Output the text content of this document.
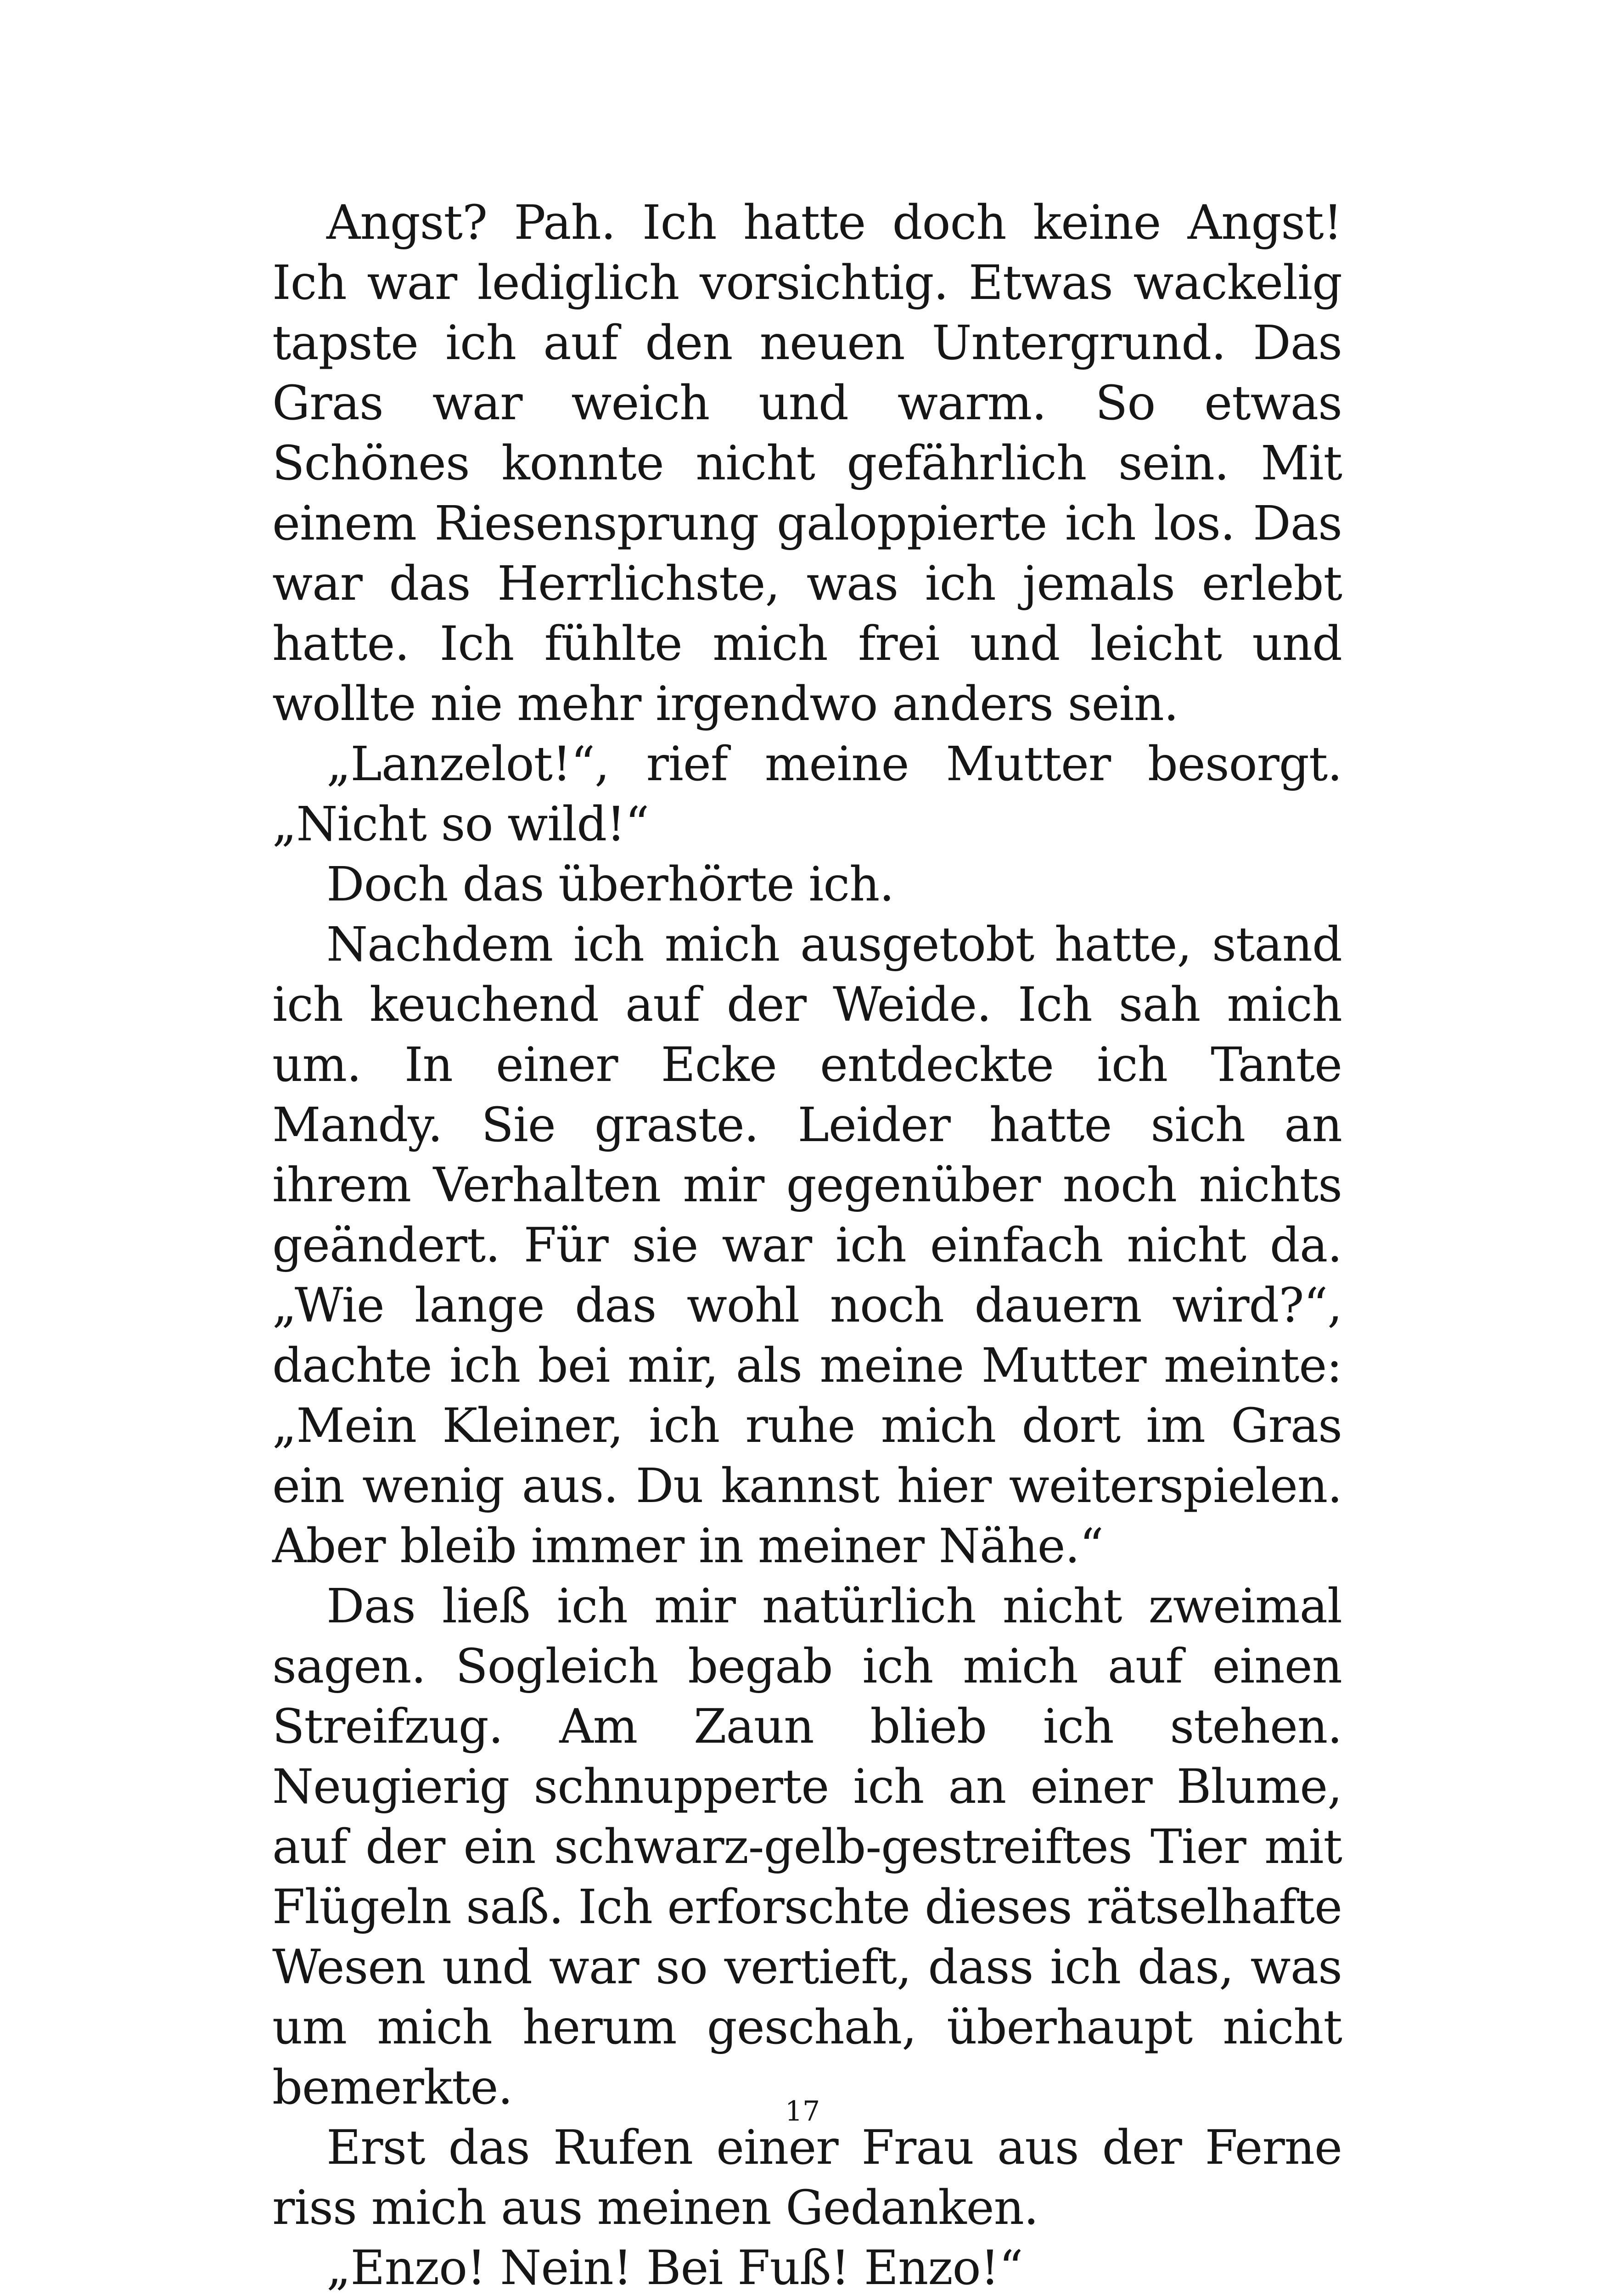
Angst? Pah. Ich hatte doch keine Angst! Ich war lediglich vorsichtig. Etwas wackelig tapste ich auf den neuen Untergrund. Das Gras war weich und warm. So etwas Schönes konnte nicht gefährlich sein. Mit einem Riesensprung galoppierte ich los. Das war das Herrlichste, was ich jemals erlebt hatte. Ich fühlte mich frei und leicht und wollte nie mehr irgendwo anders sein.

„Lanzelot!“, rief meine Mutter besorgt. „Nicht so wild!“

Doch das überhörte ich.

Nachdem ich mich ausgetobt hatte, stand ich keuchend auf der Weide. Ich sah mich um. In einer Ecke entdeckte ich Tante Mandy. Sie graste. Leider hatte sich an ihrem Verhalten mir gegenüber noch nichts geändert. Für sie war ich einfach nicht da. „Wie lange das wohl noch dauern wird?“, dachte ich bei mir, als meine Mutter meinte: „Mein Kleiner, ich ruhe mich dort im Gras ein wenig aus. Du kannst hier weiterspielen. Aber bleib immer in meiner Nähe.“

Das ließ ich mir natürlich nicht zweimal sagen. Sogleich begab ich mich auf einen Streifzug. Am Zaun blieb ich stehen. Neugierig schnupperte ich an einer Blume, auf der ein schwarz-gelb-gestreiftes Tier mit Flügeln saß. Ich erforschte dieses rätselhafte Wesen und war so vertieft, dass ich das, was um mich herum geschah, überhaupt nicht bemerkte.

Erst das Rufen einer Frau aus der Ferne riss mich aus meinen Gedanken.

„Enzo! Nein! Bei Fuß! Enzo!“

17
